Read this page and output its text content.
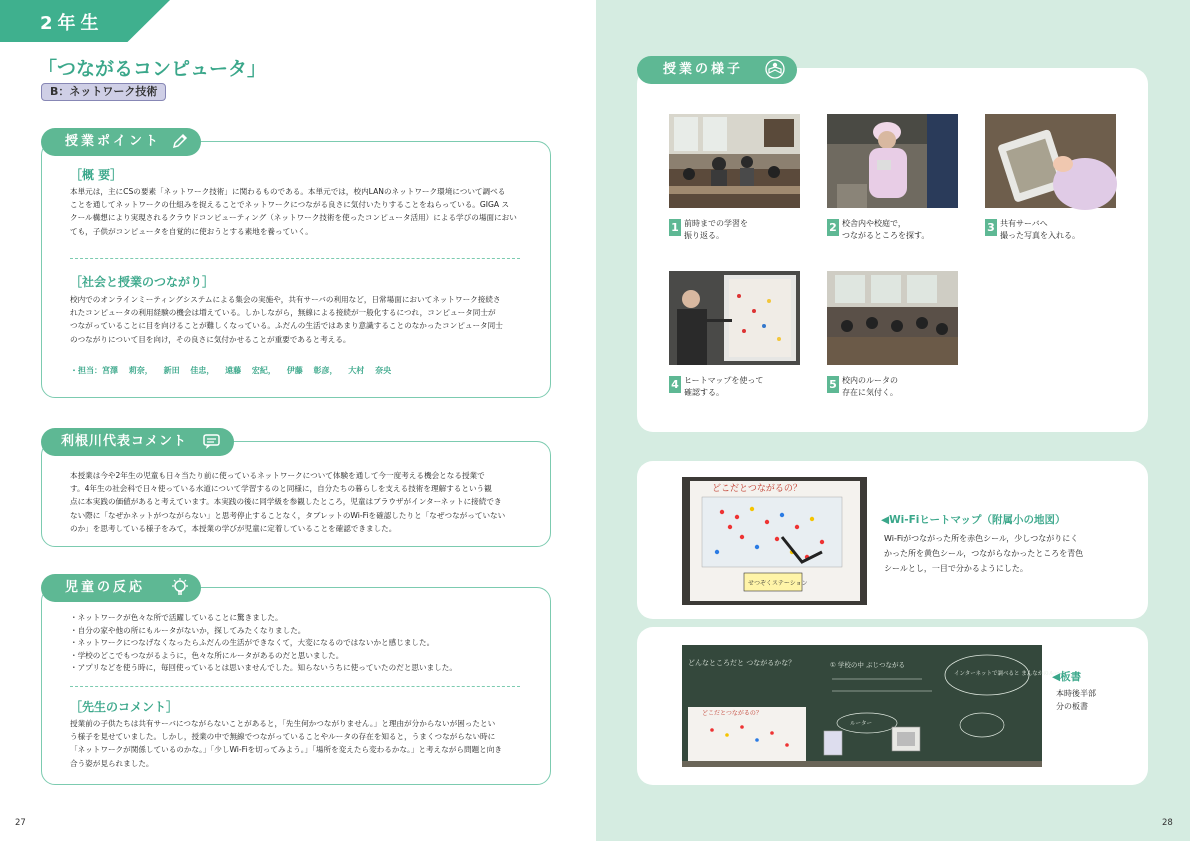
2年生
「つながるコンピュータ」
B：ネットワーク技術
授業ポイント
［概 要］
本単元は，主にCSの要素「ネットワーク技術」に関わるものである。本単元では，校内LANのネットワーク環境について調べる
ことを通してネットワークの仕組みを捉えることでネットワークにつながる良さに気付いたりすることをねらっている。GIGA ス
クール構想により実現されるクラウドコンピューティング（ネットワーク技術を使ったコンピュータ活用）による学びの場面におい
ても，子供がコンピュータを自覚的に使おうとする素地を養っていく。
［社会と授業のつながり］
校内でのオンラインミーティングシステムによる集会の実施や，共有サーバの利用など，日常場面においてネットワーク接続さ
れたコンピュータの利用経験の機会は増えている。しかしながら，無線による接続が一般化するにつれ，コンピュータ同士が
つながっていることに目を向けることが難しくなっている。ふだんの生活ではあまり意識することのなかったコンピュータ同士
のつながりについて目を向け，その良さに気付かせることが重要であると考える。
・担当：宮澤 莉奈， 新田 佳忠， 遠藤 宏紀， 伊藤 彰彦， 大村 奈央
利根川代表コメント
本授業は今や2年生の児童も日々当たり前に使っているネットワークについて体験を通して今一度考える機会となる授業で
す。4年生の社会科で日々使っている水道について学習するのと同様に，自分たちの暮らしを支える技術を理解するという観
点に本実践の価値があると考えています。本実践の後に同学級を参観したところ，児童はブラウザがインターネットに接続でき
ない際に「なぜかネットがつながらない」と思考停止することなく，タブレットのWi-Fiを確認したりと「なぜつながっていない
のか」を思考している様子をみて，本授業の学びが児童に定着していることを確認できました。
児童の反応
・ネットワークが色々な所で活躍していることに驚きました。
・自分の家や他の所にもルータがないか，探してみたくなりました。
・ネットワークにつなげなくなったらふだんの生活ができなくて，大変になるのではないかと感じました。
・学校のどこでもつながるように，色々な所にルータがあるのだと思いました。
・アプリなどを使う時に，毎回使っているとは思いませんでした。知らないうちに使っていたのだと思いました。
［先生のコメント］
授業前の子供たちは共有サーバにつながらないことがあると，「先生何かつながりません。」と理由が分からないが困ったとい
う様子を見せていました。しかし，授業の中で無線でつながっていることやルータの存在を知ると，うまくつながらない時に
「ネットワークが関係しているのかな。」「少しWi-Fiを切ってみよう。」「場所を変えたら変わるかな。」と考えながら問題と向き
合う姿が見られました。
27
授業の様子
1 前時までの学習を
振り返る。
2 校舎内や校庭で，
つながるところを探す。
3 共有サーバへ
撮った写真を入れる。
4 ヒートマップを使って
確認する。
5 校内のルータの
存在に気付く。
どこだとつながるの？
せつぞくステーション
◀Wi-Fiヒートマップ（附属小の地図）
Wi-Fiがつながった所を赤色シール，少しつながりにく
かった所を黄色シール，つながらなかったところを青色
シールとし，一目で分かるようにした。
どんなところだと つながるかな？	① 学校の中 ぶじつながる
インターネットで調べると まんなかのルータ
どこだとつながるの？
ルーター
◀板書
本時後半部
分の板書
28
